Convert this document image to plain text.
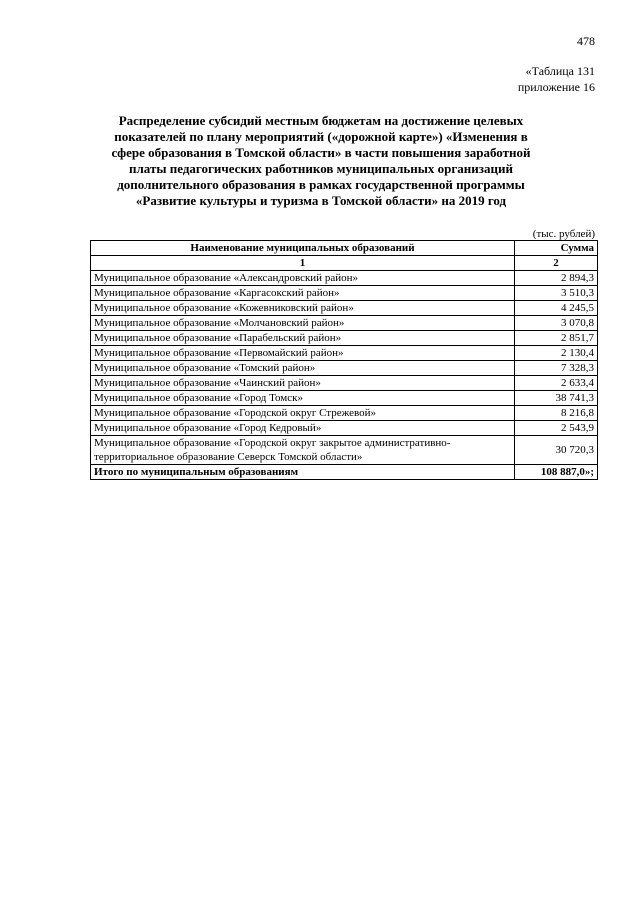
478
«Таблица 131
приложение 16
Распределение субсидий местным бюджетам на достижение целевых показателей по плану мероприятий («дорожной карте») «Изменения в сфере образования в Томской области» в части повышения заработной платы педагогических работников муниципальных организаций дополнительного образования в рамках государственной программы «Развитие культуры и туризма в Томской области» на 2019 год
(тыс. рублей)
Наименование муниципальных образований	Сумма
1	2
Муниципальное образование «Александровский район»	2 894,3
Муниципальное образование «Каргасокский район»	3 510,3
Муниципальное образование «Кожевниковский район»	4 245,5
Муниципальное образование «Молчановский район»	3 070,8
Муниципальное образование «Парабельский район»	2 851,7
Муниципальное образование «Первомайский район»	2 130,4
Муниципальное образование «Томский район»	7 328,3
Муниципальное образование «Чаинский район»	2 633,4
Муниципальное образование «Город Томск»	38 741,3
Муниципальное образование «Городской округ Стрежевой»	8 216,8
Муниципальное образование «Город Кедровый»	2 543,9
Муниципальное образование «Городской округ закрытое административно-территориальное образование Северск Томской области»	30 720,3
Итого по муниципальным образованиям	108 887,0»;
